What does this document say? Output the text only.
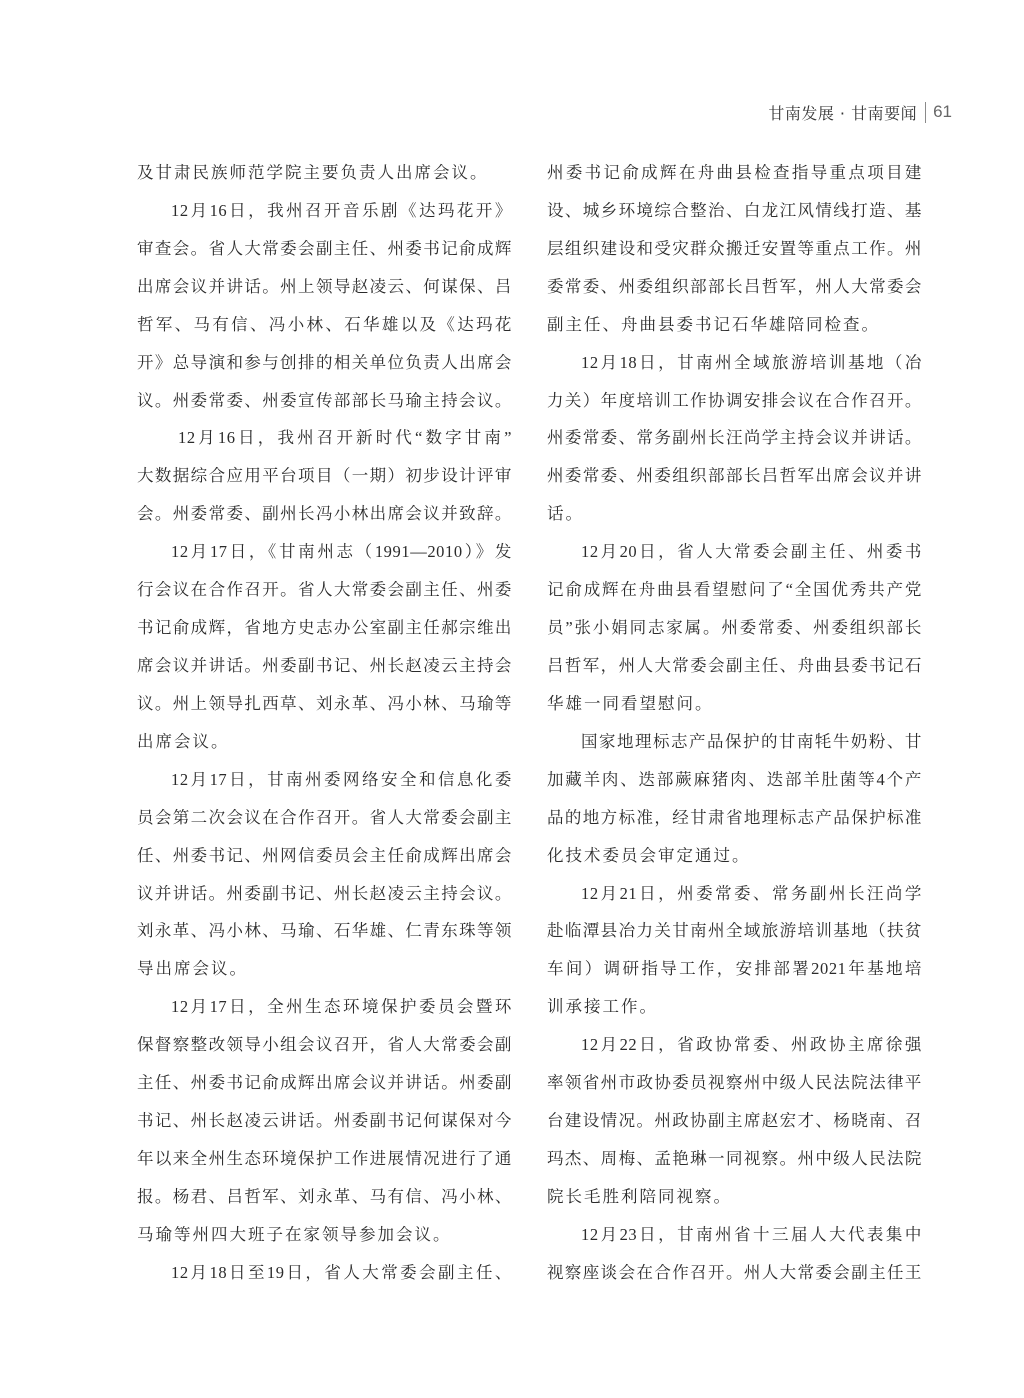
甘南发展 · 甘南要闻 61
及甘肃民族师范学院主要负责人出席会议。
12月16日，我州召开音乐剧《达玛花开》
审查会。省人大常委会副主任、州委书记俞成辉
出席会议并讲话。州上领导赵凌云、何谋保、吕
哲军、马有信、冯小林、石华雄以及《达玛花
开》总导演和参与创排的相关单位负责人出席会
议。州委常委、州委宣传部部长马瑜主持会议。
12月16日，我州召开新时代“数字甘南”
大数据综合应用平台项目（一期）初步设计评审
会。州委常委、副州长冯小林出席会议并致辞。
12月17日，《甘南州志（1991—2010）》发
行会议在合作召开。省人大常委会副主任、州委
书记俞成辉，省地方史志办公室副主任郝宗维出
席会议并讲话。州委副书记、州长赵凌云主持会
议。州上领导扎西草、刘永革、冯小林、马瑜等
出席会议。
12月17日，甘南州委网络安全和信息化委
员会第二次会议在合作召开。省人大常委会副主
任、州委书记、州网信委员会主任俞成辉出席会
议并讲话。州委副书记、州长赵凌云主持会议。
刘永革、冯小林、马瑜、石华雄、仁青东珠等领
导出席会议。
12月17日，全州生态环境保护委员会暨环
保督察整改领导小组会议召开，省人大常委会副
主任、州委书记俞成辉出席会议并讲话。州委副
书记、州长赵凌云讲话。州委副书记何谋保对今
年以来全州生态环境保护工作进展情况进行了通
报。杨君、吕哲军、刘永革、马有信、冯小林、
马瑜等州四大班子在家领导参加会议。
12月18日至19日，省人大常委会副主任、
州委书记俞成辉在舟曲县检查指导重点项目建
设、城乡环境综合整治、白龙江风情线打造、基
层组织建设和受灾群众搬迁安置等重点工作。州
委常委、州委组织部部长吕哲军，州人大常委会
副主任、舟曲县委书记石华雄陪同检查。
12月18日，甘南州全域旅游培训基地（冶
力关）年度培训工作协调安排会议在合作召开。
州委常委、常务副州长汪尚学主持会议并讲话。
州委常委、州委组织部部长吕哲军出席会议并讲
话。
12月20日，省人大常委会副主任、州委书
记俞成辉在舟曲县看望慰问了“全国优秀共产党
员”张小娟同志家属。州委常委、州委组织部长
吕哲军，州人大常委会副主任、舟曲县委书记石
华雄一同看望慰问。
国家地理标志产品保护的甘南牦牛奶粉、甘
加藏羊肉、迭部蕨麻猪肉、迭部羊肚菌等4个产
品的地方标准，经甘肃省地理标志产品保护标准
化技术委员会审定通过。
12月21日，州委常委、常务副州长汪尚学
赴临潭县冶力关甘南州全域旅游培训基地（扶贫
车间）调研指导工作，安排部署2021年基地培
训承接工作。
12月22日，省政协常委、州政协主席徐强
率领省州市政协委员视察州中级人民法院法律平
台建设情况。州政协副主席赵宏才、杨晓南、召
玛杰、周梅、孟艳琳一同视察。州中级人民法院
院长毛胜利陪同视察。
12月23日，甘南州省十三届人大代表集中
视察座谈会在合作召开。州人大常委会副主任王
